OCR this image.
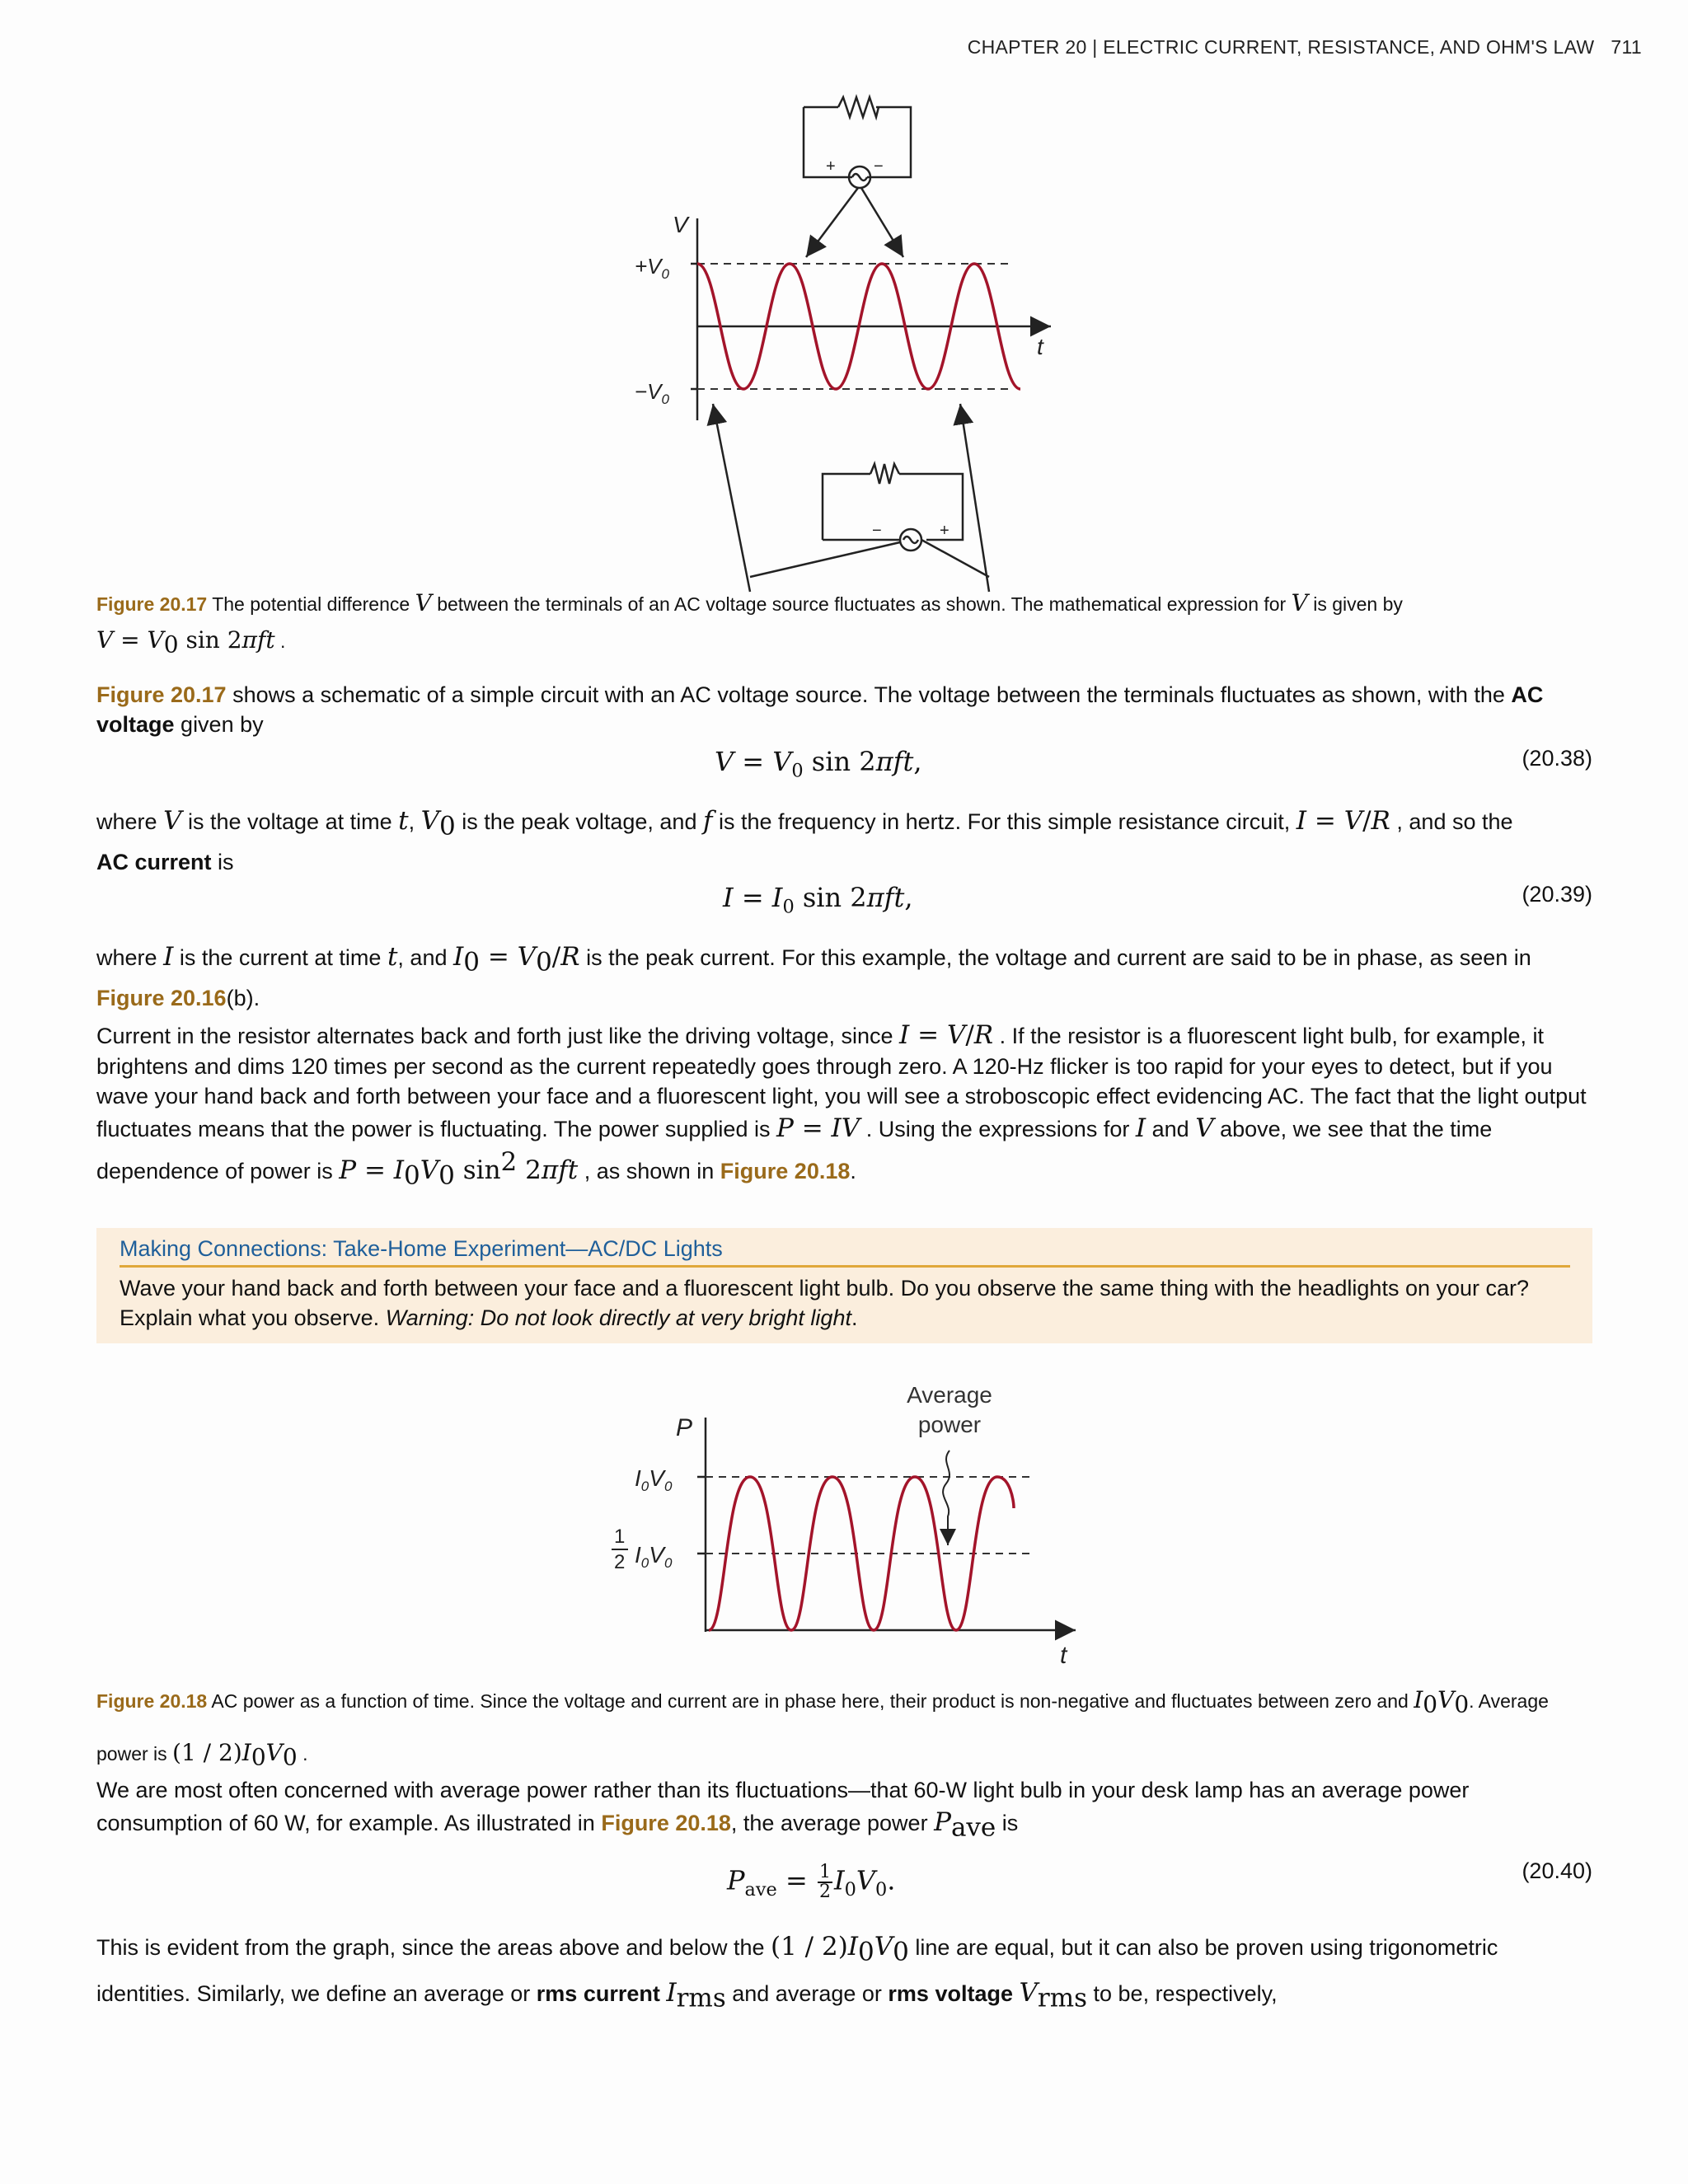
CHAPTER 20 | ELECTRIC CURRENT, RESISTANCE, AND OHM'S LAW 711
+ −
$+V_0$
$-V_0$
V
t
−	+
Figure 20.17 The potential difference V between the terminals of an AC voltage source fluctuates as shown. The mathematical expression for V is given by
$V = V_0$ sin 2πft .
Figure 20.17 shows a schematic of a simple circuit with an AC voltage source. The voltage between the terminals fluctuates as shown, with the AC voltage given by
$V = V_0$ sin 2πft,	(20.38)
where V is the voltage at time t, $V_0$ is the peak voltage, and f is the frequency in hertz. For this simple resistance circuit, I = V/R , and so the
AC current is
$I = I_0$ sin 2πft,	(20.39)
where I is the current at time t, and $I_0 = V_0/R$ is the peak current. For this example, the voltage and current are said to be in phase, as seen in
Figure 20.16(b).
Current in the resistor alternates back and forth just like the driving voltage, since I = V/R . If the resistor is a fluorescent light bulb, for example, it brightens and dims 120 times per second as the current repeatedly goes through zero. A 120-Hz flicker is too rapid for your eyes to detect, but if you wave your hand back and forth between your face and a fluorescent light, you will see a stroboscopic effect evidencing AC. The fact that the light output fluctuates means that the power is fluctuating. The power supplied is P = IV . Using the expressions for I and V above, we see that the time dependence of power is $P = I_0V_0$ $\sin^2 2\pi ft$ , as shown in Figure 20.18.
Making Connections: Take-Home Experiment—AC/DC Lights
Wave your hand back and forth between your face and a fluorescent light bulb. Do you observe the same thing with the headlights on your car? Explain what you observe. Warning: Do not look directly at very bright light.
Average
power
P
t
$I_0V_0$
1
2 $I_0V_0$
Figure 20.18 AC power as a function of time. Since the voltage and current are in phase here, their product is non-negative and fluctuates between zero and $I_0V_0$. Average power is $(1 / 2)I_0V_0$ .
We are most often concerned with average power rather than its fluctuations—that 60-W light bulb in your desk lamp has an average power consumption of 60 W, for example. As illustrated in Figure 20.18, the average power $P_{ave}$ is
$P_{ave} = \frac{1}{2} I_0V_0$.	(20.40)
This is evident from the graph, since the areas above and below the $(1 / 2)I_0V_0$ line are equal, but it can also be proven using trigonometric identities. Similarly, we define an average or rms current $I_{rms}$ and average or rms voltage $V_{rms}$ to be, respectively,
